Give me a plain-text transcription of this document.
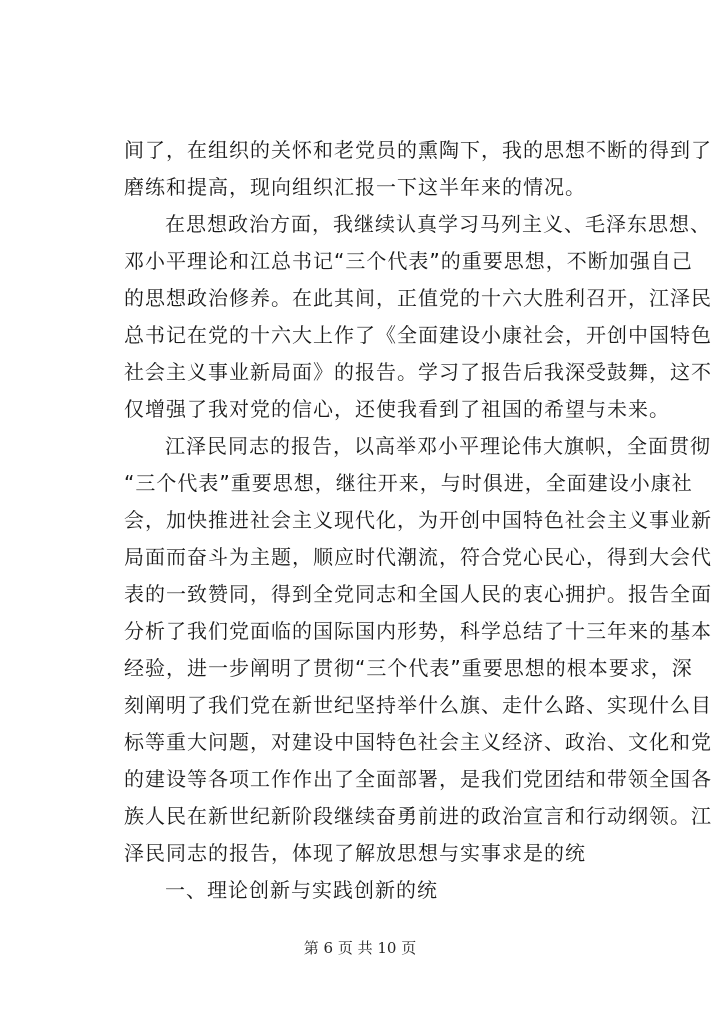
间了，在组织的关怀和老党员的熏陶下，我的思想不断的得到了
磨练和提高，现向组织汇报一下这半年来的情况。
在思想政治方面，我继续认真学习马列主义、毛泽东思想、
邓小平理论和江总书记“三个代表”的重要思想，不断加强自己
的思想政治修养。在此其间，正值党的十六大胜利召开，江泽民
总书记在党的十六大上作了《全面建设小康社会，开创中国特色
社会主义事业新局面》的报告。学习了报告后我深受鼓舞，这不
仅增强了我对党的信心，还使我看到了祖国的希望与未来。
江泽民同志的报告，以高举邓小平理论伟大旗帜，全面贯彻
“三个代表”重要思想，继往开来，与时俱进，全面建设小康社
会，加快推进社会主义现代化，为开创中国特色社会主义事业新
局面而奋斗为主题，顺应时代潮流，符合党心民心，得到大会代
表的一致赞同，得到全党同志和全国人民的衷心拥护。报告全面
分析了我们党面临的国际国内形势，科学总结了十三年来的基本
经验，进一步阐明了贯彻“三个代表”重要思想的根本要求，深
刻阐明了我们党在新世纪坚持举什么旗、走什么路、实现什么目
标等重大问题，对建设中国特色社会主义经济、政治、文化和党
的建设等各项工作作出了全面部署，是我们党团结和带领全国各
族人民在新世纪新阶段继续奋勇前进的政治宣言和行动纲领。江
泽民同志的报告，体现了解放思想与实事求是的统
一、理论创新与实践创新的统
第 6 页 共 10 页
